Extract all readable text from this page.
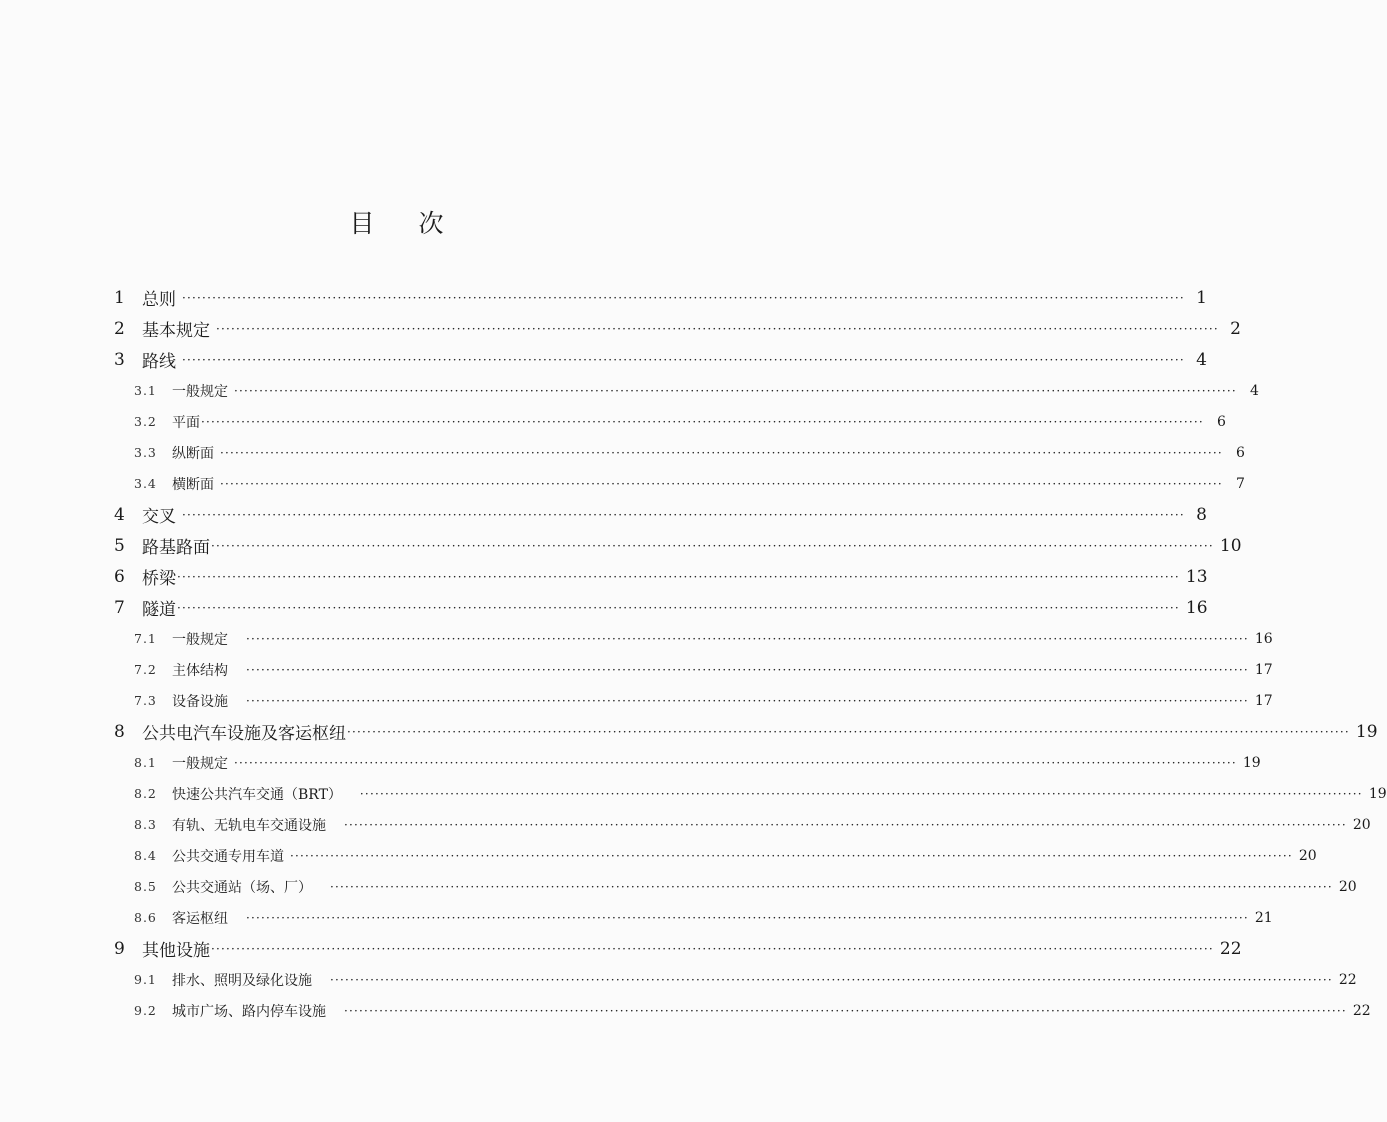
目 次
1	总则 ········································································································································································································ 1
2	基本规定 ········································································································································································································ 2
3	路线 ········································································································································································································ 4
3.1	一般规定 ········································································································································································································ 4
3.2	平面 ········································································································································································································ 6
3.3	纵断面 ········································································································································································································ 6
3.4	横断面 ········································································································································································································ 7
4	交叉 ········································································································································································································ 8
5	路基路面 ········································································································································································································ 10
6	桥梁 ········································································································································································································ 13
7	隧道 ········································································································································································································ 16
7.1	一般规定 ········································································································································································································ 16
7.2	主体结构 ········································································································································································································ 17
7.3	设备设施 ········································································································································································································ 17
8	公共电汽车设施及客运枢纽 ········································································································································································································ 19
8.1	一般规定 ········································································································································································································ 19
8.2	快速公共汽车交通（BRT） ········································································································································································································ 19
8.3	有轨、无轨电车交通设施 ········································································································································································································ 20
8.4	公共交通专用车道 ········································································································································································································ 20
8.5	公共交通站（场、厂） ········································································································································································································ 20
8.6	客运枢纽 ········································································································································································································ 21
9	其他设施 ········································································································································································································ 22
9.1	排水、照明及绿化设施 ········································································································································································································ 22
9.2	城市广场、路内停车设施 ········································································································································································································ 22
